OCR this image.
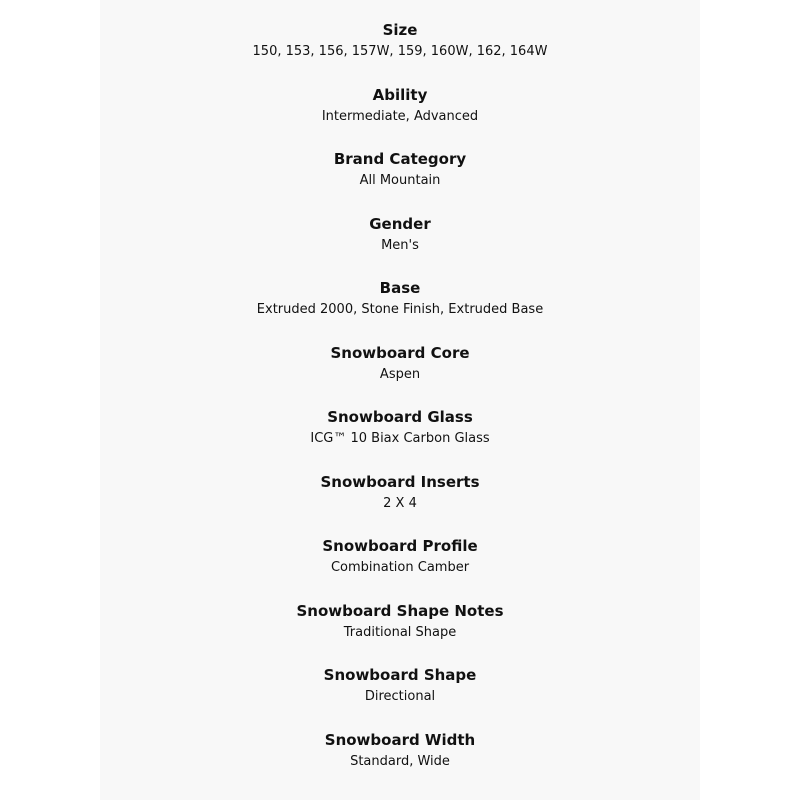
Size
150, 153, 156, 157W, 159, 160W, 162, 164W
Ability
Intermediate, Advanced
Brand Category
All Mountain
Gender
Men's
Base
Extruded 2000, Stone Finish, Extruded Base
Snowboard Core
Aspen
Snowboard Glass
ICG™ 10 Biax Carbon Glass
Snowboard Inserts
2 X 4
Snowboard Profile
Combination Camber
Snowboard Shape Notes
Traditional Shape
Snowboard Shape
Directional
Snowboard Width
Standard, Wide
